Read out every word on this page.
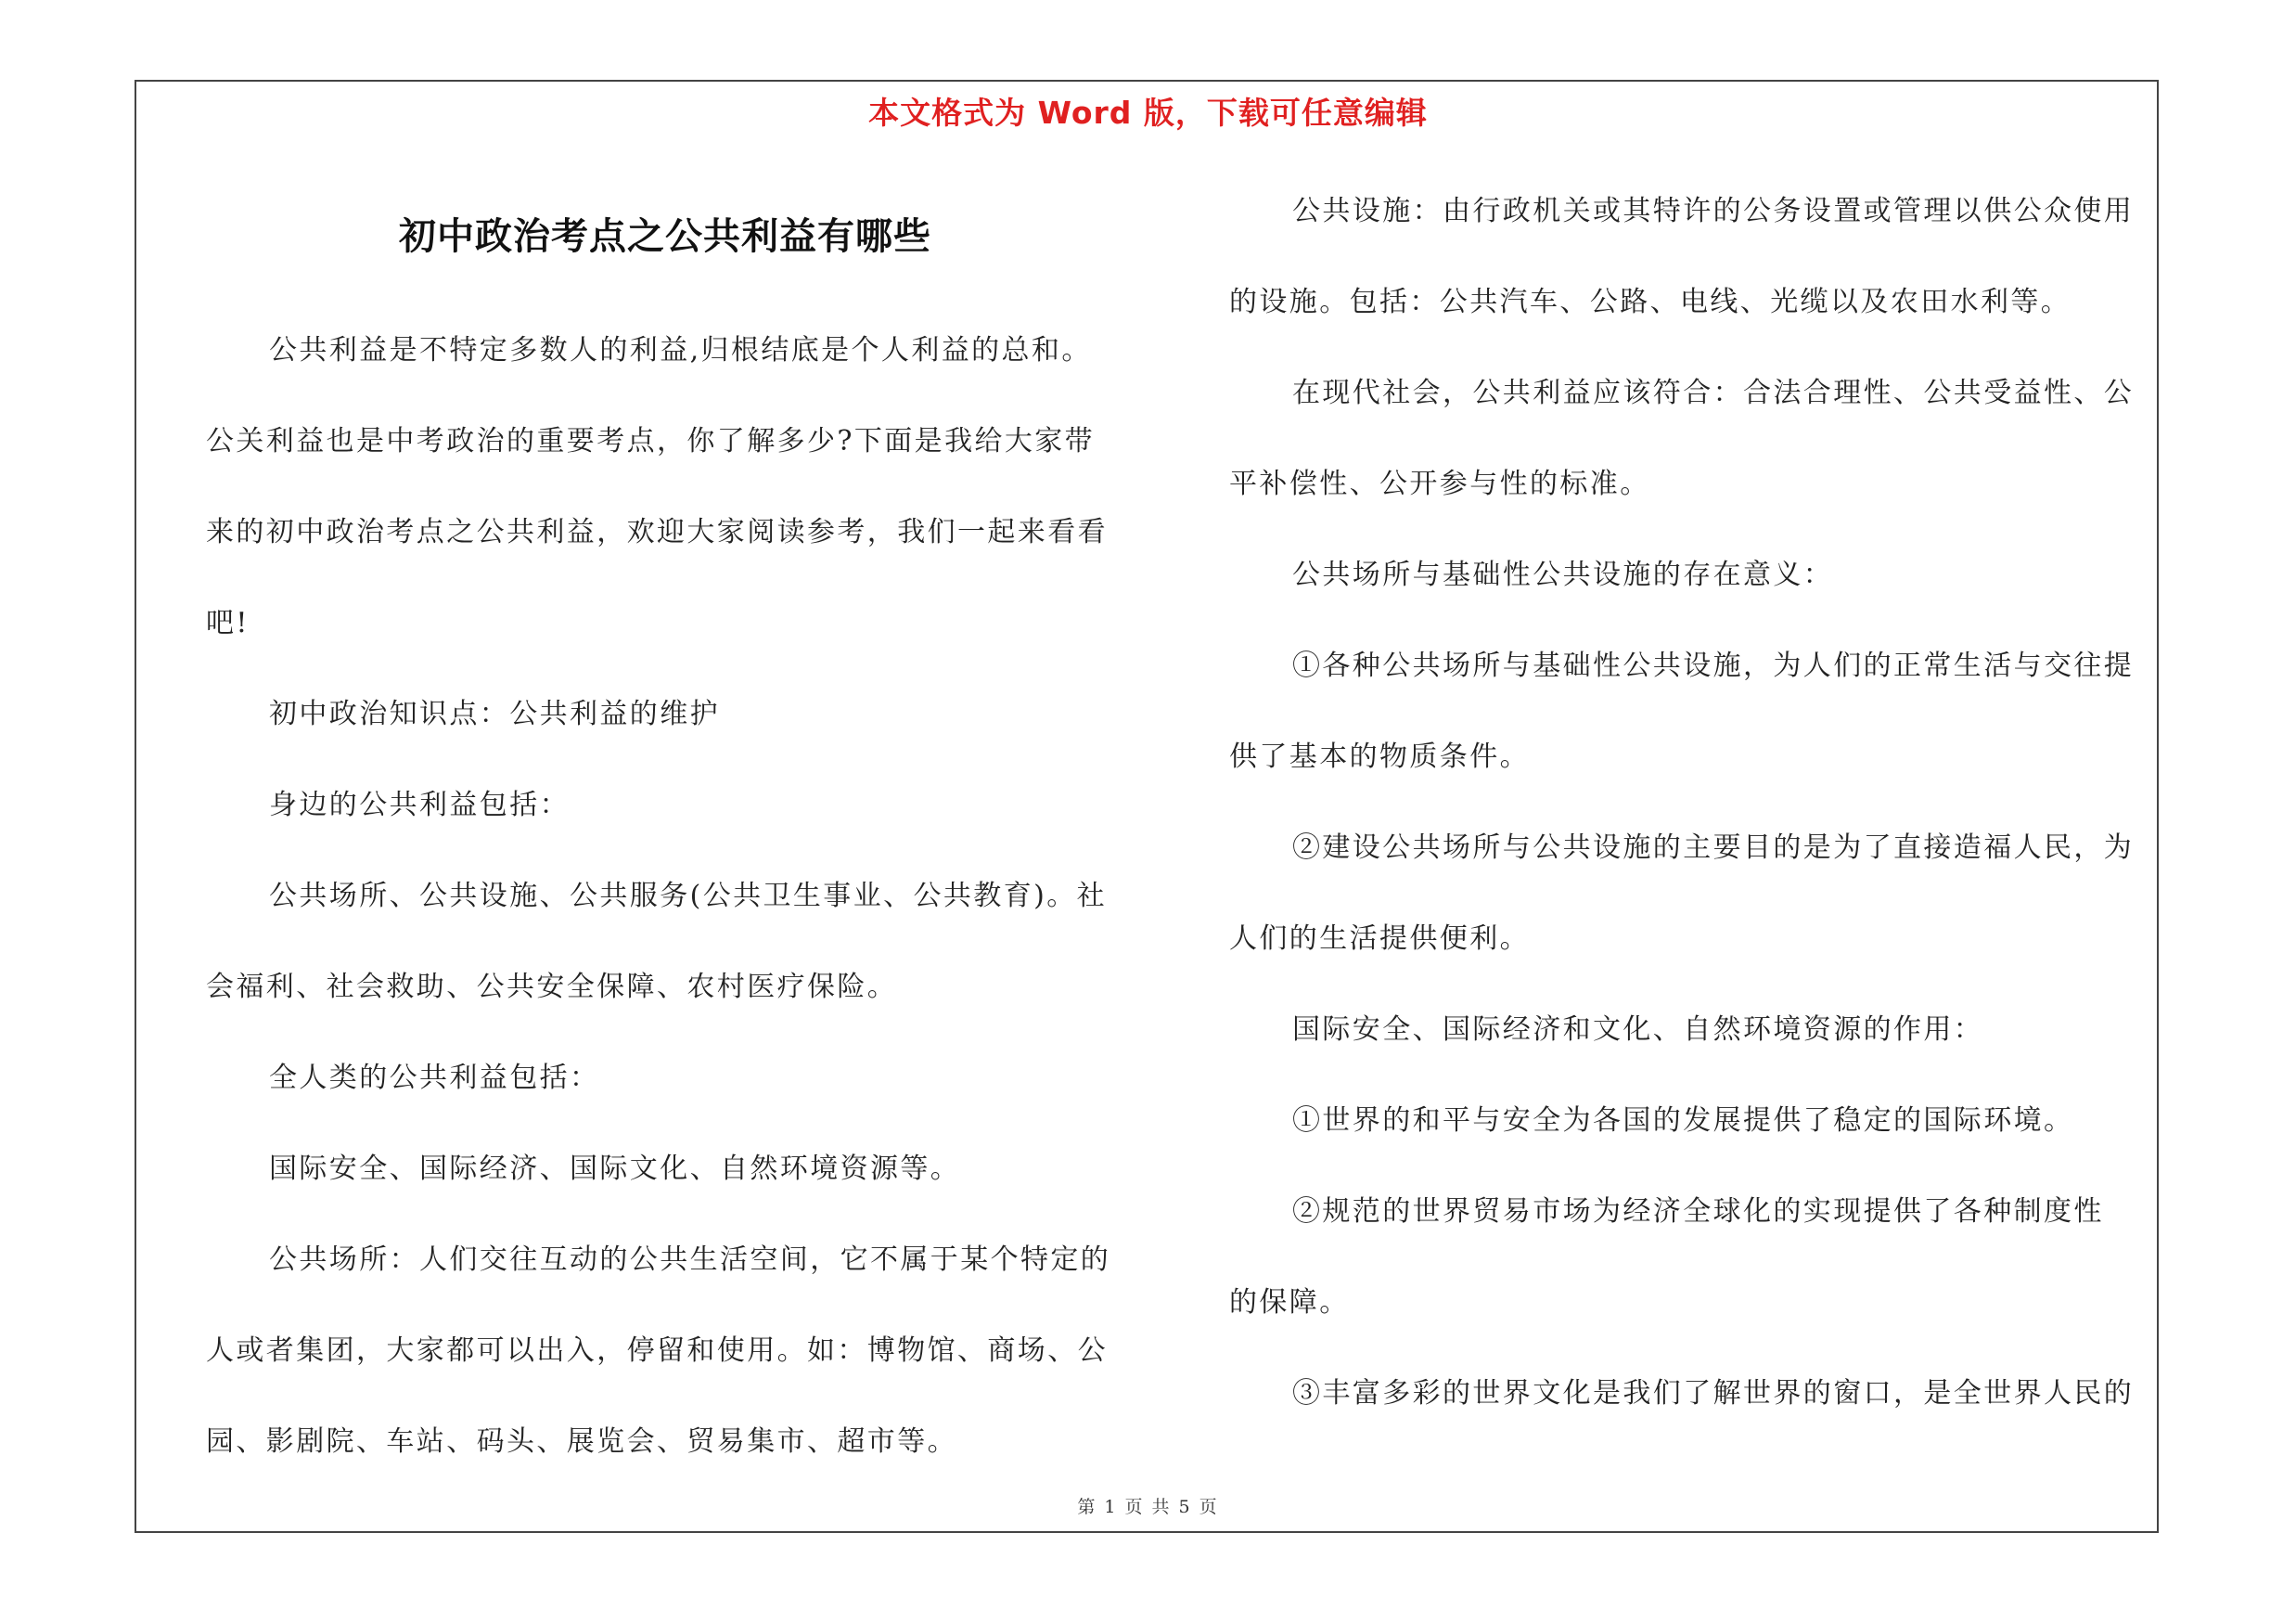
本文格式为 Word 版，下载可任意编辑
初中政治考点之公共利益有哪些
公共利益是不特定多数人的利益,归根结底是个人利益的总和。
公关利益也是中考政治的重要考点，你了解多少?下面是我给大家带
来的初中政治考点之公共利益，欢迎大家阅读参考，我们一起来看看
吧!
初中政治知识点：公共利益的维护
身边的公共利益包括：
公共场所、公共设施、公共服务(公共卫生事业、公共教育)。社
会福利、社会救助、公共安全保障、农村医疗保险。
全人类的公共利益包括：
国际安全、国际经济、国际文化、自然环境资源等。
公共场所：人们交往互动的公共生活空间，它不属于某个特定的
人或者集团，大家都可以出入，停留和使用。如：博物馆、商场、公
园、影剧院、车站、码头、展览会、贸易集市、超市等。
公共设施：由行政机关或其特许的公务设置或管理以供公众使用
的设施。包括：公共汽车、公路、电线、光缆以及农田水利等。
在现代社会，公共利益应该符合：合法合理性、公共受益性、公
平补偿性、公开参与性的标准。
公共场所与基础性公共设施的存在意义：
①各种公共场所与基础性公共设施，为人们的正常生活与交往提
供了基本的物质条件。
②建设公共场所与公共设施的主要目的是为了直接造福人民，为
人们的生活提供便利。
国际安全、国际经济和文化、自然环境资源的作用：
①世界的和平与安全为各国的发展提供了稳定的国际环境。
②规范的世界贸易市场为经济全球化的实现提供了各种制度性
的保障。
③丰富多彩的世界文化是我们了解世界的窗口，是全世界人民的
第 1 页 共 5 页
